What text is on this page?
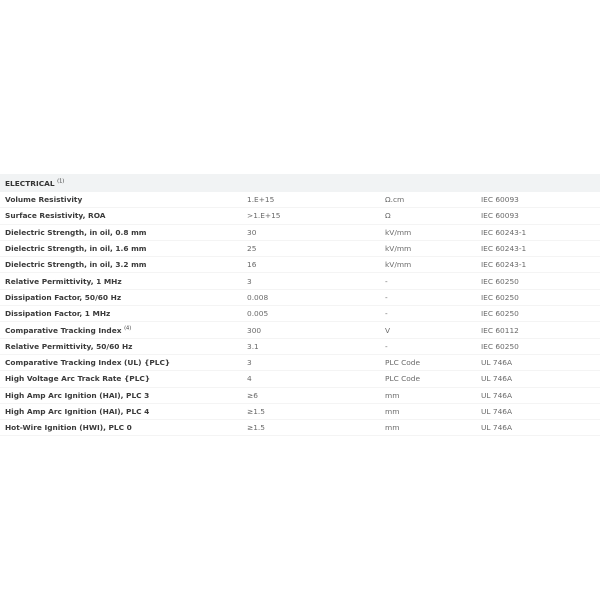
ELECTRICAL $^{(1)}$
Volume Resistivity	1.E+15	Ω.cm	IEC 60093
Surface Resistivity, ROA	>1.E+15	Ω	IEC 60093
Dielectric Strength, in oil, 0.8 mm	30	kV/mm	IEC 60243-1
Dielectric Strength, in oil, 1.6 mm	25	kV/mm	IEC 60243-1
Dielectric Strength, in oil, 3.2 mm	16	kV/mm	IEC 60243-1
Relative Permittivity, 1 MHz	3	-	IEC 60250
Dissipation Factor, 50/60 Hz	0.008	-	IEC 60250
Dissipation Factor, 1 MHz	0.005	-	IEC 60250
Comparative Tracking Index $^{(4)}$	300	V	IEC 60112
Relative Permittivity, 50/60 Hz	3.1	-	IEC 60250
Comparative Tracking Index (UL) {PLC}	3	PLC Code	UL 746A
High Voltage Arc Track Rate {PLC}	4	PLC Code	UL 746A
High Amp Arc Ignition (HAI), PLC 3	≥6	mm	UL 746A
High Amp Arc Ignition (HAI), PLC 4	≥1.5	mm	UL 746A
Hot-Wire Ignition (HWI), PLC 0	≥1.5	mm	UL 746A
